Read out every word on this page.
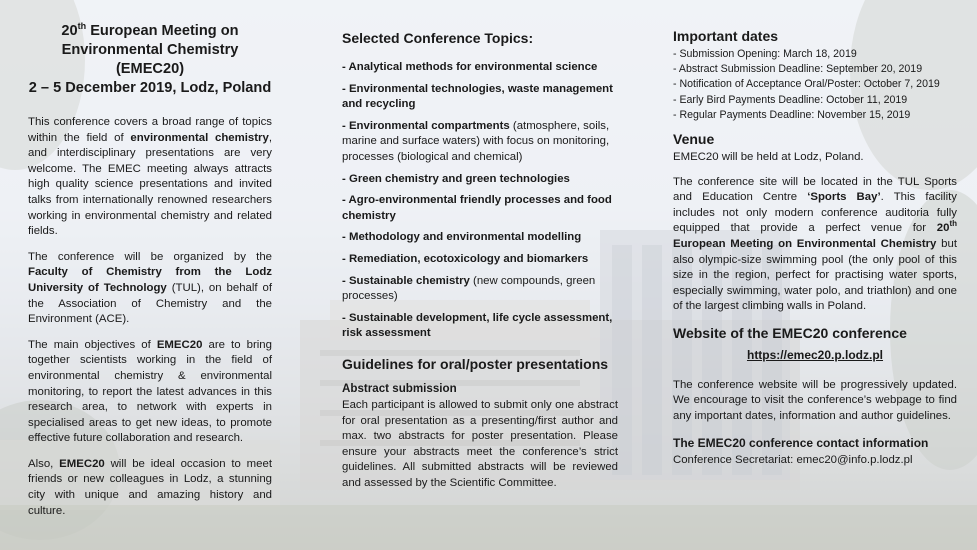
20th European Meeting on
Environmental Chemistry (EMEC20)
2 – 5 December 2019, Lodz, Poland

This conference covers a broad range of topics within the field of environmental chemistry, and interdisciplinary presentations are very welcome. The EMEC meeting always attracts high quality science presentations and invited talks from internationally renowned researchers working in environmental chemistry and related fields.

The conference will be organized by the Faculty of Chemistry from the Lodz University of Technology (TUL), on behalf of the Association of Chemistry and the Environment (ACE).

The main objectives of EMEC20 are to bring together scientists working in the field of environmental chemistry & environmental monitoring, to report the latest advances in this research area, to network with experts in specialised areas to get new ideas, to promote effective future collaboration and research.

Also, EMEC20 will be ideal occasion to meet friends or new colleagues in Lodz, a stunning city with unique and amazing history and culture.

Selected Conference Topics:
- Analytical methods for environmental science
- Environmental technologies, waste management and recycling
- Environmental compartments (atmosphere, soils, marine and surface waters) with focus on monitoring, processes (biological and chemical)
- Green chemistry and green technologies
- Agro-environmental friendly processes and food chemistry
- Methodology and environmental modelling
- Remediation, ecotoxicology and biomarkers
- Sustainable chemistry (new compounds, green processes)
- Sustainable development, life cycle assessment, risk assessment
Guidelines for oral/poster presentations
Abstract submission

Each participant is allowed to submit only one abstract for oral presentation as a presenting/first author and max. two abstracts for poster presentation. Please ensure your abstracts meet the conference’s strict guidelines. All submitted abstracts will be reviewed and assessed by the Scientific Committee.

Important dates
- Submission Opening: March 18, 2019
- Abstract Submission Deadline: September 20, 2019
- Notification of Acceptance Oral/Poster: October 7, 2019
- Early Bird Payments Deadline: October 11, 2019
- Regular Payments Deadline: November 15, 2019
Venue

EMEC20 will be held at Lodz, Poland.

The conference site will be located in the TUL Sports and Education Centre ‘Sports Bay’. This facility includes not only modern conference auditoria fully equipped that provide a perfect venue for 20th European Meeting on Environmental Chemistry but also olympic-size swimming pool (the only pool of this size in the region, perfect for practising water sports, especially swimming, water polo, and triathlon) and one of the largest climbing walls in Poland.

Website of the EMEC20 conference
https://emec20.p.lodz.pl

The conference website will be progressively updated. We encourage to visit the conference’s webpage to find any important dates, information and author guidelines.

The EMEC20 conference contact information

Conference Secretariat: emec20@info.p.lodz.pl
